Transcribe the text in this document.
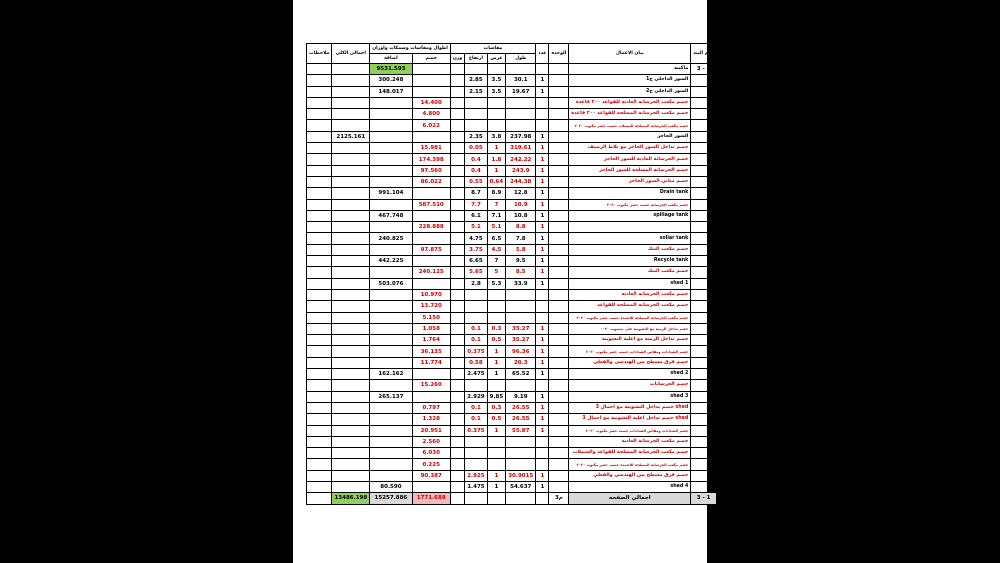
ملاحظات	اجمالي الكلي	اطوال ومقاسات وسمكات واوزان		مقاسات				عدد	الوحده	بيان الاعمال	رقم البند
		اضافه	خصم	وزن	ارتفاع	عرض	طول				
		9531.593								ماكينة	3 - 1
		300.248			2.85	3.5	30.1	1		السور الداخلي ج1	
		148.017			2.15	3.5	19.67	1		السور الداخلي ج2	
			14.400							خصم مكعب الخرسانة العادية للقواعد ٢٠٠ قاعدة	
			4.800							خصم مكعب الخرسانة المسلحة للقواعد ٢٠٠ قاعدة	
			6.022							خصم مكعب الخرسانة المسلحة للسملات حسب حصر مكتوب ٢٠٢٠	
	2125.161				2.35	3.8	237.98	1		السور الحاجز	
			15.981		0.05	1	319.61	1		خصم تداخل السور الحاجز مع بلاط الرصيف	
			174.398		0.4	1.8	242.22	1		خصم الخرسانة العادية للسور الحاجز	
			97.560		0.4	1	243.9	1		خصم الخرسانة المسلحة للسور الحاجز	
			86.022		0.55	0.64	244.38	1		خصم مباني السور الحاجز	
		991.104			8.7	8.9	12.8	1		Drain tank	
			587.510		7.7	7	10.9	1		خصم مكعب الخرسانة حسب حصر مكتوب ٢٠٢٠	
		467.748			6.1	7.1	10.8	1		spillage tank	
			228.888		5.1	5.1	8.8	1			
		240.825			4.75	6.5	7.8	1		sollar tank	
			97.875		3.75	4.5	5.8	1		خصم مكعب التنك	
		442.225			6.65	7	9.5	1		Recycle tank	
			240.125		5.65	5	8.5	1		خصم مكعب التنك	
		503.076			2.8	5.3	33.9	1		shed 1	
			10.970							خصم مكعب الخرسانة العادية	
			13.720							خصم مكعب الخرسانة المسلحة للقواعد	
			5.150							خصم مكعب الخرسانة المسلحة للاعمدة حسب حصر مكتوب ٢٠٢٠	
			1.058		0.1	0.3	35.27	1		خصم تداخل الرمبة مع التشوينة على منسوب ٠٠٢٠	
			1.764		0.1	0.5	35.27	1		خصم تداخل الرمبة مع اعلية التشوينة	
			36.135		0.375	1	96.36	1		خصم الشدادات ومقاس الشدادات حسب حصر مكتوب ٢٠٢٠	
			11.774		0.58	1	20.3	1		خصم فرق مسطح بين الهندسي والفعلي	
		162.162			2.475	1	65.52	1		shed 2	
			15.260							خصم الخرسانات	
		265.137			2.929	9.85	9.19	1		shed 3	
			0.797		0.1	0.3	26.55	1		خصم تداخل التشوينة مع احمال 3 shed	
			1.328		0.1	0.5	26.55	1		خصم تداخل اعلية التشوينة مع احمال 3 shed	
			20.951		0.375	1	55.87	1		خصم الشدادات ومقاس الشدادات حسب حصر مكتوب ٢٠٢٠	
			2.560							خصم مكعب الخرسانة العادية	
			6.030							خصم مكعب الخرسانة المسلحة للقواعد والسملات	
			0.225							خصم مكعب الخرسانة المسلحة للاعمدة حسب حصر مكتوب ٢٠٢٠	
			90.387		2.925	1	30.9015	1		خصم فرق مسطح بين الهندسي والفعلي	
		80.590			1.475	1	54.637	1		shed 4	
	13486.198	15257.886	1771.688						م3	اجمالي الصفحه	3 - 1
